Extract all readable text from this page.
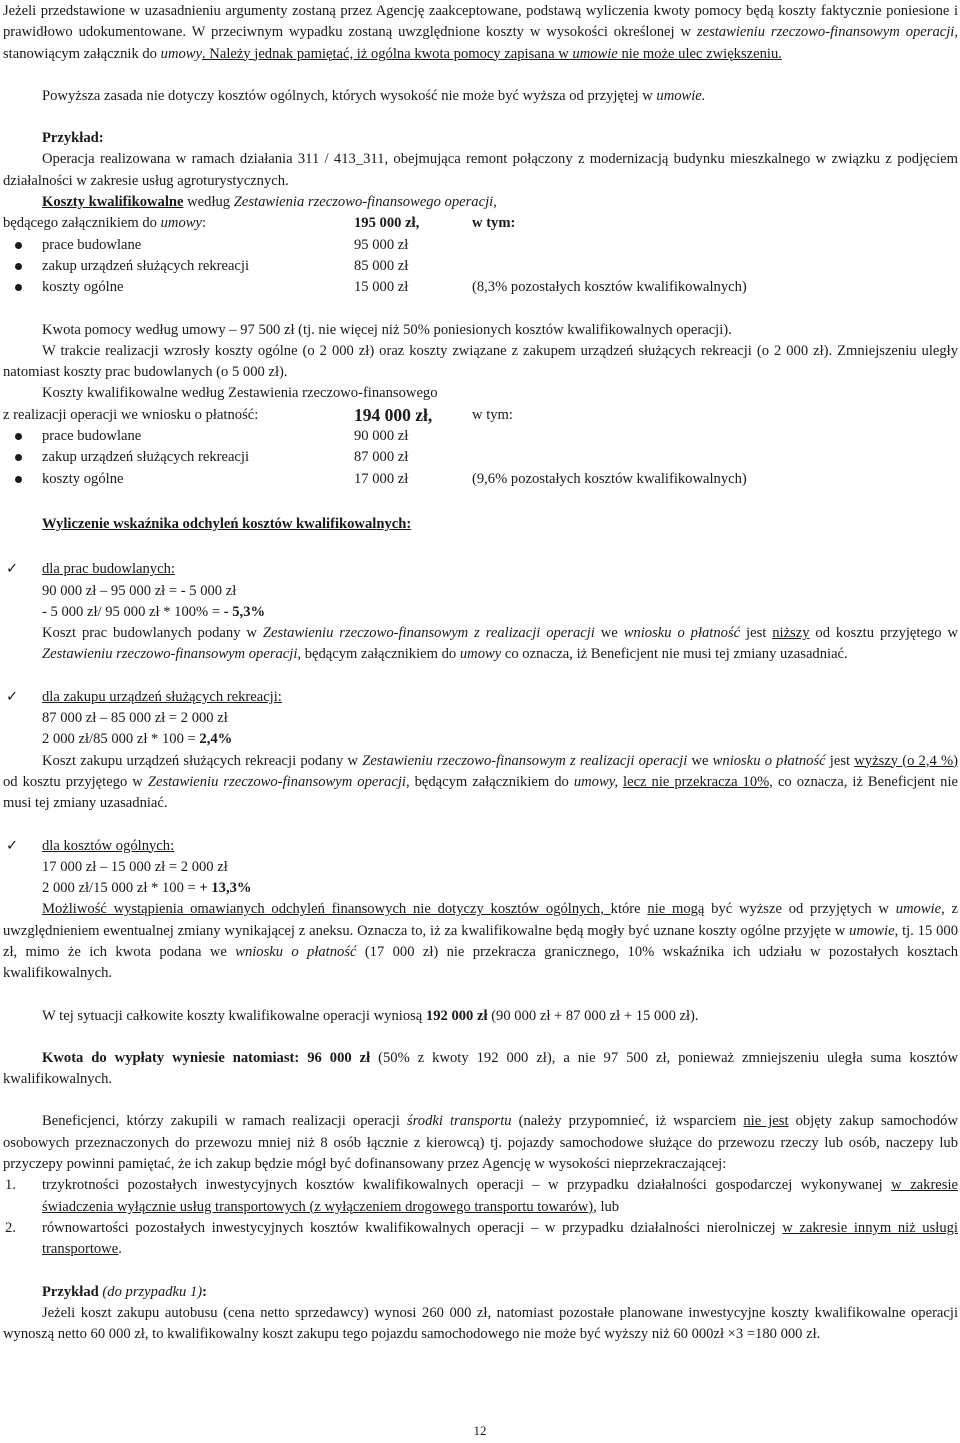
Jeżeli przedstawione w uzasadnieniu argumenty zostaną przez Agencję zaakceptowane, podstawą wyliczenia kwoty pomocy będą koszty faktycznie poniesione i prawidłowo udokumentowane. W przeciwnym wypadku zostaną uwzględnione koszty w wysokości określonej w zestawieniu rzeczowo-finansowym operacji, stanowiącym załącznik do umowy. Należy jednak pamiętać, iż ogólna kwota pomocy zapisana w umowie nie może ulec zwiększeniu.

Powyższa zasada nie dotyczy kosztów ogólnych, których wysokość nie może być wyższa od przyjętej w umowie.

Przykład:

Operacja realizowana w ramach działania 311 / 413_311, obejmująca remont połączony z modernizacją budynku mieszkalnego w związku z podjęciem działalności w zakresie usług agroturystycznych.

Koszty kwalifikowalne według Zestawienia rzeczowo-finansowego operacji,

będącego załącznikiem do umowy:	195 000 zł,	w tym:
prace budowlane	95 000 zł
zakup urządzeń służących rekreacji	85 000 zł
koszty ogólne	15 000 zł	(8,3% pozostałych kosztów kwalifikowalnych)

Kwota pomocy według umowy – 97 500 zł (tj. nie więcej niż 50% poniesionych kosztów kwalifikowalnych operacji).

W trakcie realizacji wzrosły koszty ogólne (o 2 000 zł) oraz koszty związane z zakupem urządzeń służących rekreacji (o 2 000 zł). Zmniejszeniu uległy natomiast koszty prac budowlanych (o 5 000 zł).

Koszty kwalifikowalne według Zestawienia rzeczowo-finansowego

z realizacji operacji we wniosku o płatność:	194 000 zł,	w tym:
prace budowlane	90 000 zł
zakup urządzeń służących rekreacji	87 000 zł
koszty ogólne	17 000 zł	(9,6% pozostałych kosztów kwalifikowalnych)

Wyliczenie wskaźnika odchyleń kosztów kwalifikowalnych:

✓ dla prac budowlanych:

90 000 zł – 95 000 zł = - 5 000 zł

- 5 000 zł/ 95 000 zł * 100% = - 5,3%

Koszt prac budowlanych podany w Zestawieniu rzeczowo-finansowym z realizacji operacji we wniosku o płatność jest niższy od kosztu przyjętego w Zestawieniu rzeczowo-finansowym operacji, będącym załącznikiem do umowy co oznacza, iż Beneficjent nie musi tej zmiany uzasadniać.

✓ dla zakupu urządzeń służących rekreacji:

87 000 zł – 85 000 zł = 2 000 zł

2 000 zł/85 000 zł * 100 = 2,4%

Koszt zakupu urządzeń służących rekreacji podany w Zestawieniu rzeczowo-finansowym z realizacji operacji we wniosku o płatność jest wyższy (o 2,4 %) od kosztu przyjętego w Zestawieniu rzeczowo-finansowym operacji, będącym załącznikiem do umowy, lecz nie przekracza 10%, co oznacza, iż Beneficjent nie musi tej zmiany uzasadniać.

✓ dla kosztów ogólnych:

17 000 zł – 15 000 zł = 2 000 zł

2 000 zł/15 000 zł * 100 = + 13,3%

Możliwość wystąpienia omawianych odchyleń finansowych nie dotyczy kosztów ogólnych, które nie mogą być wyższe od przyjętych w umowie, z uwzględnieniem ewentualnej zmiany wynikającej z aneksu. Oznacza to, iż za kwalifikowalne będą mogły być uznane koszty ogólne przyjęte w umowie, tj. 15 000 zł, mimo że ich kwota podana we wniosku o płatność (17 000 zł) nie przekracza granicznego, 10% wskaźnika ich udziału w pozostałych kosztach kwalifikowalnych.

W tej sytuacji całkowite koszty kwalifikowalne operacji wyniosą 192 000 zł (90 000 zł + 87 000 zł + 15 000 zł).

Kwota do wypłaty wyniesie natomiast: 96 000 zł (50% z kwoty 192 000 zł), a nie 97 500 zł, ponieważ zmniejszeniu uległa suma kosztów kwalifikowalnych.

Beneficjenci, którzy zakupili w ramach realizacji operacji środki transportu (należy przypomnieć, iż wsparciem nie jest objęty zakup samochodów osobowych przeznaczonych do przewozu mniej niż 8 osób łącznie z kierowcą) tj. pojazdy samochodowe służące do przewozu rzeczy lub osób, naczepy lub przyczepy powinni pamiętać, że ich zakup będzie mógł być dofinansowany przez Agencję w wysokości nieprzekraczającej:

1. trzykrotności pozostałych inwestycyjnych kosztów kwalifikowalnych operacji – w przypadku działalności gospodarczej wykonywanej w zakresie świadczenia wyłącznie usług transportowych (z wyłączeniem drogowego transportu towarów), lub

2. równowartości pozostałych inwestycyjnych kosztów kwalifikowalnych operacji – w przypadku działalności nierolniczej w zakresie innym niż usługi transportowe.

Przykład (do przypadku 1):

Jeżeli koszt zakupu autobusu (cena netto sprzedawcy) wynosi 260 000 zł, natomiast pozostałe planowane inwestycyjne koszty kwalifikowalne operacji wynoszą netto 60 000 zł, to kwalifikowalny koszt zakupu tego pojazdu samochodowego nie może być wyższy niż 60 000zł ×3 =180 000 zł.

12
